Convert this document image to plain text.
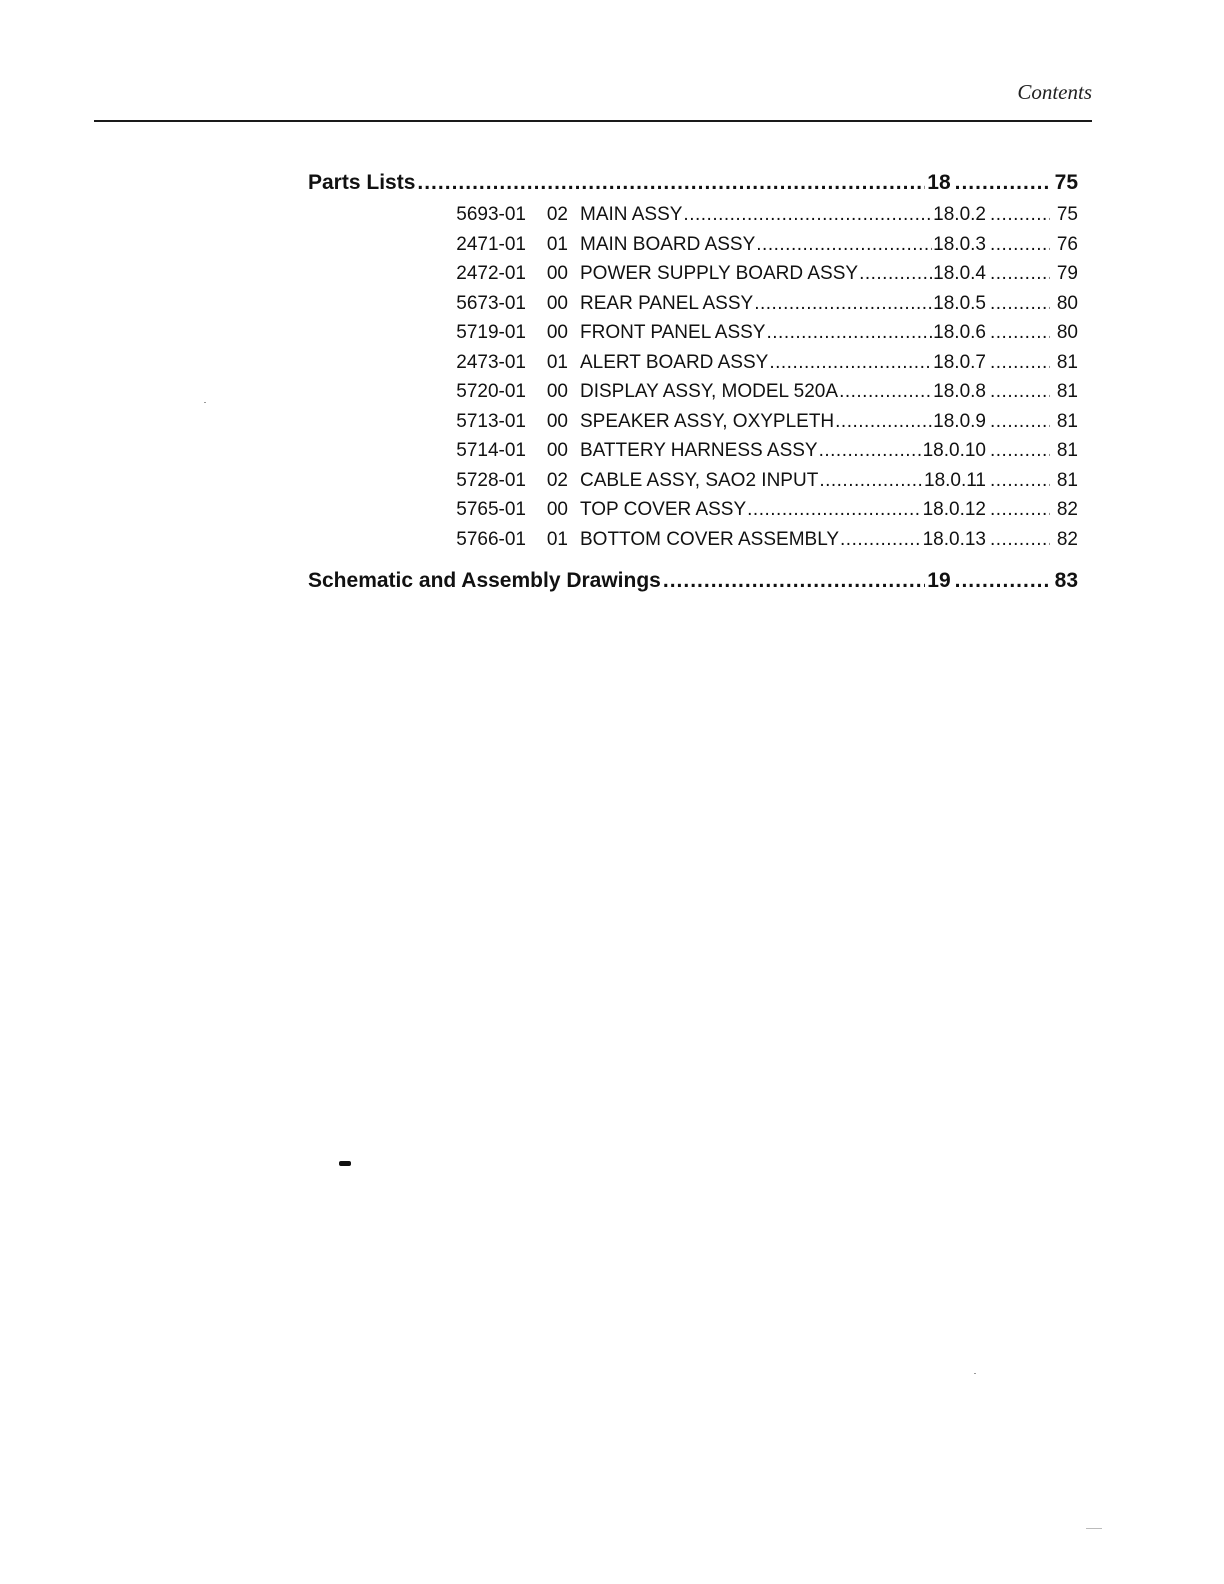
Contents
Parts Lists .....	18 .....	75
5693-01	02 MAIN ASSY .....	18.0.2 .....	75
2471-01	01 MAIN BOARD ASSY .....	18.0.3 .....	76
2472-01	00 POWER SUPPLY BOARD ASSY .....	18.0.4 .....	79
5673-01	00 REAR PANEL ASSY .....	18.0.5 .....	80
5719-01	00 FRONT PANEL ASSY .....	18.0.6 .....	80
2473-01	01 ALERT BOARD ASSY .....	18.0.7 .....	81
5720-01	00 DISPLAY ASSY, MODEL 520A .....	18.0.8 .....	81
5713-01	00 SPEAKER ASSY, OXYPLETH .....	18.0.9 .....	81
5714-01	00 BATTERY HARNESS ASSY .....	18.0.10 .....	81
5728-01	02 CABLE ASSY, SAO2 INPUT .....	18.0.11 .....	81
5765-01	00 TOP COVER ASSY .....	18.0.12 .....	82
5766-01	01 BOTTOM COVER ASSEMBLY .....	18.0.13 .....	82
Schematic and Assembly Drawings .....	19 .....	83
